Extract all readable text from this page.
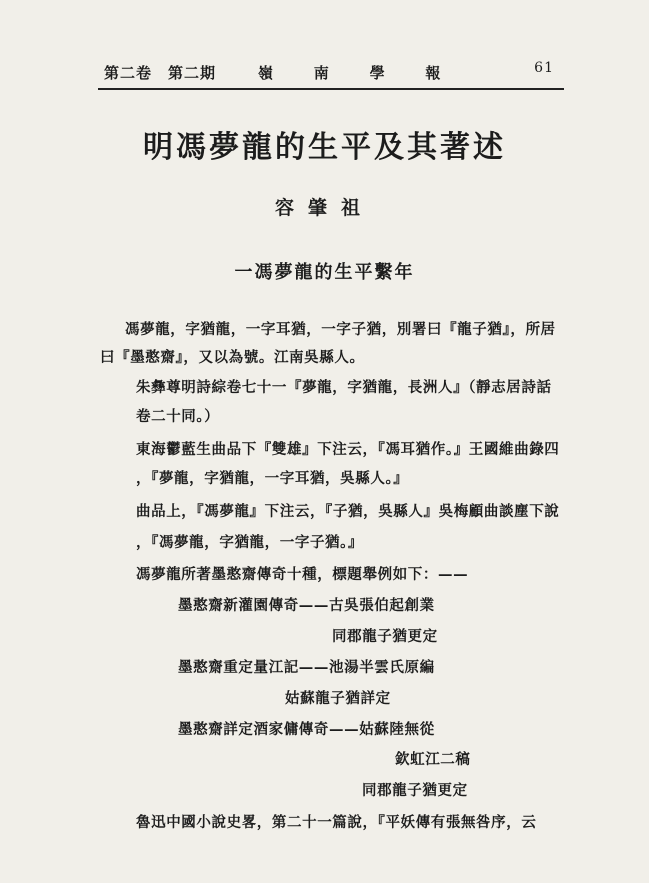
第二卷　第二期	嶺	南	學	報	61
明馮夢龍的生平及其著述
容肇祖
一馮夢龍的生平繫年
馮夢龍，字猶龍，一字耳猶，一字子猶，別署曰『龍子猶』，所居
曰『墨憨齋』，又以為號。江南吳縣人。
朱彝尊明詩綜卷七十一『夢龍，字猶龍，長洲人』（靜志居詩話
卷二十同。）
東海鬱藍生曲品下『雙雄』下注云，『馮耳猶作。』王國維曲錄四
，『夢龍，字猶龍，一字耳猶，吳縣人。』
曲品上，『馮夢龍』下注云，『子猶，吳縣人』吳梅顧曲談塵下說
，『馮夢龍，字猶龍，一字子猶。』
馮夢龍所著墨憨齋傳奇十種，標題舉例如下：——
墨憨齋新灌園傳奇——古吳張伯起創業
同郡龍子猶更定
墨憨齋重定量江記——池湯半雲氏原編
姑蘇龍子猶詳定
墨憨齋詳定酒家傭傳奇——姑蘇陸無從
欽虹江二稿
同郡龍子猶更定
魯迅中國小說史畧，第二十一篇說，『平妖傳有張無咎序，云
